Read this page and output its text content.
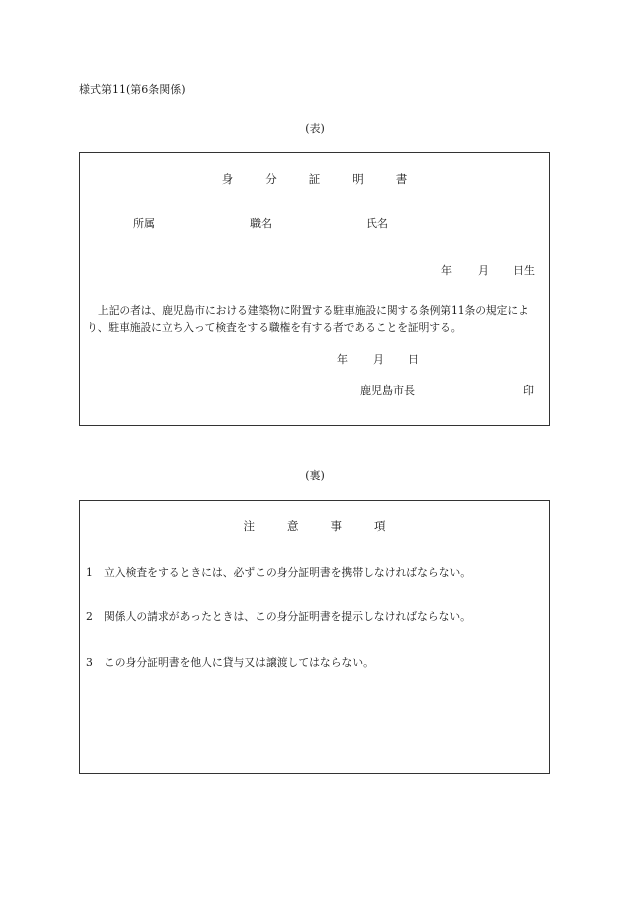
様式第11(第6条関係)
(表)
身	分	証	明	書
所属	職名	氏名
年 月 日生
上記の者は、鹿児島市における建築物に附置する駐車施設に関する条例第11条の規定により、駐車施設に立ち入って検査をする職権を有する者であることを証明する。
年 月 日
鹿児島市長	印
(裏)
注	意	事	項
1 立入検査をするときには、必ずこの身分証明書を携帯しなければならない。
2 関係人の請求があったときは、この身分証明書を提示しなければならない。
3 この身分証明書を他人に貸与又は譲渡してはならない。
